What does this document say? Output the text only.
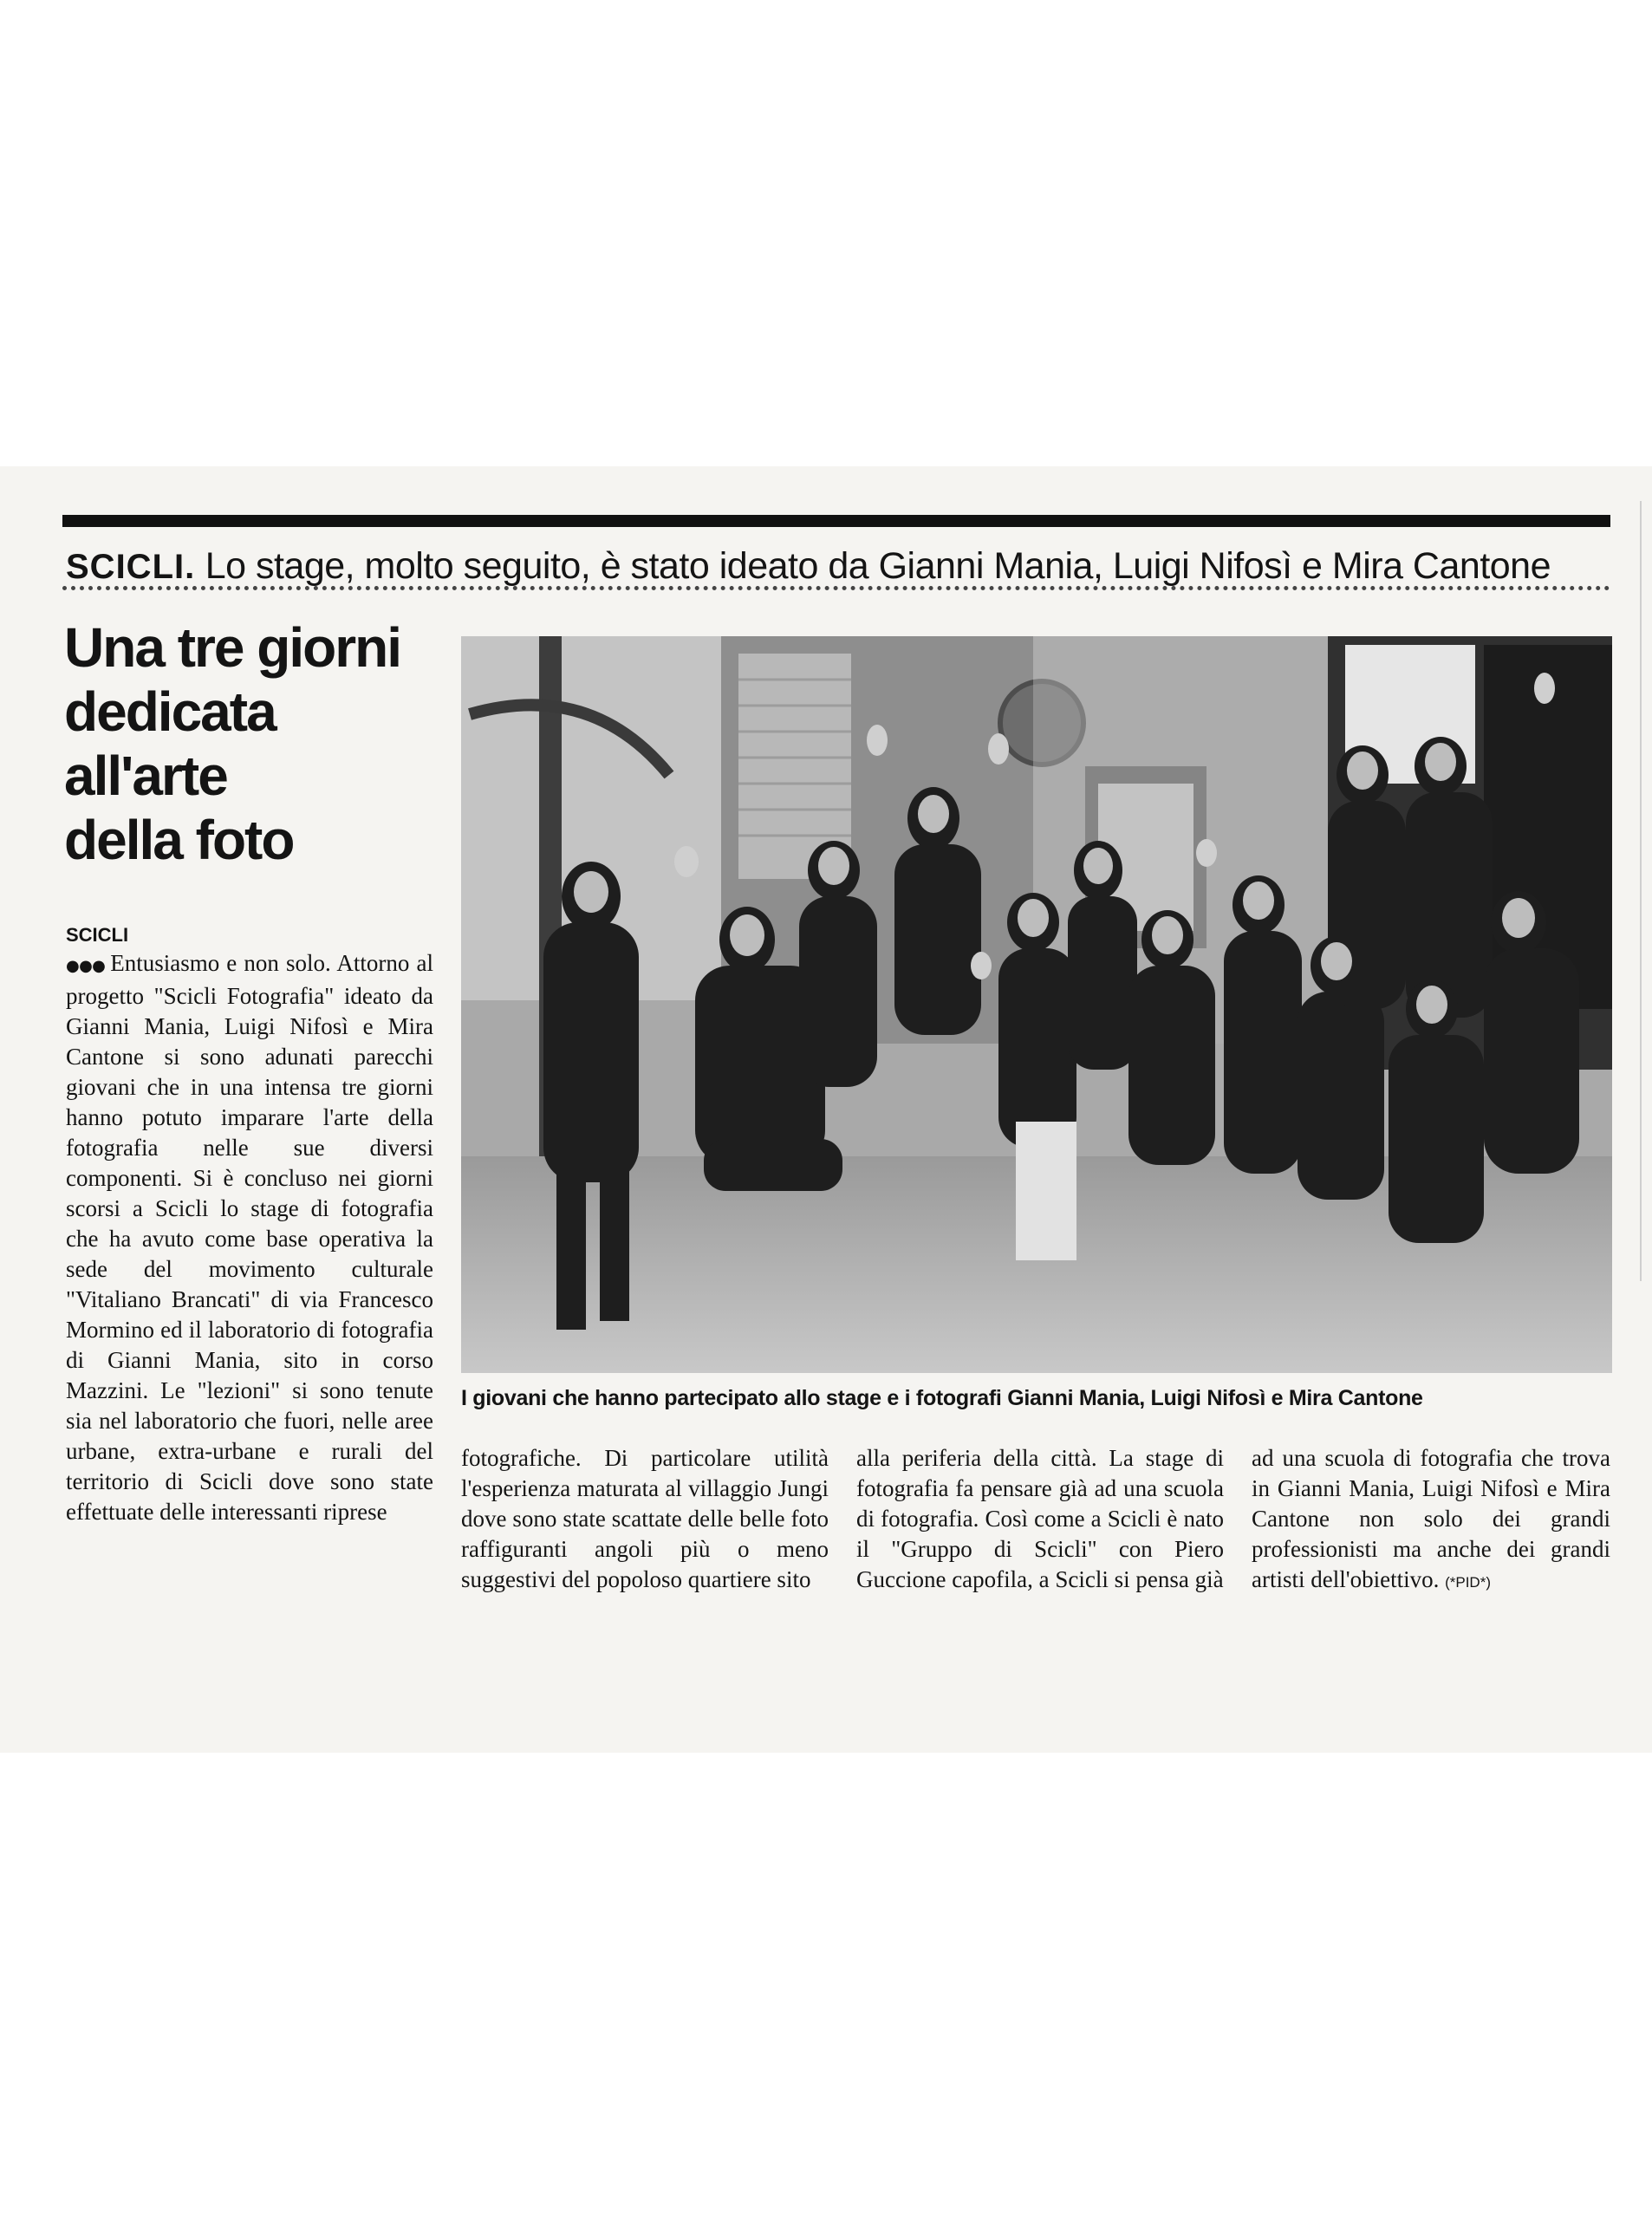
SCICLI. Lo stage, molto seguito, è stato ideato da Gianni Mania, Luigi Nifosì e Mira Cantone
Una tre giorni
dedicata
all'arte
della foto
SCICLI

●●● Entusiasmo e non solo. Attorno al progetto "Scicli Fotografia" ideato da Gianni Mania, Luigi Nifosì e Mira Cantone si sono adunati parecchi giovani che in una intensa tre giorni hanno potuto imparare l'arte della fotografia nelle sue diversi componenti. Si è concluso nei giorni scorsi a Scicli lo stage di fotografia che ha avuto come base operativa la sede del movimento culturale "Vitaliano Brancati" di via Francesco Mormino ed il laboratorio di fotografia di Gianni Mania, sito in corso Mazzini. Le "lezioni" si sono tenute sia nel laboratorio che fuori, nelle aree urbane, extra-urbane e rurali del territorio di Scicli dove sono state effettuate delle interessanti riprese

I giovani che hanno partecipato allo stage e i fotografi Gianni Mania, Luigi Nifosì e Mira Cantone

fotografiche. Di particolare utilità l'esperienza maturata al villaggio Jungi dove sono state scattate delle belle foto raffiguranti angoli più o meno suggestivi del popoloso quartiere sito

alla periferia della città. La stage di fotografia fa pensare già ad una scuola di fotografia. Così come a Scicli è nato il "Gruppo di Scicli" con Piero Guccione capofila, a Scicli si pensa già

ad una scuola di fotografia che trova in Gianni Mania, Luigi Nifosì e Mira Cantone non solo dei grandi professionisti ma anche dei grandi artisti dell'obiettivo. (*PID*)
